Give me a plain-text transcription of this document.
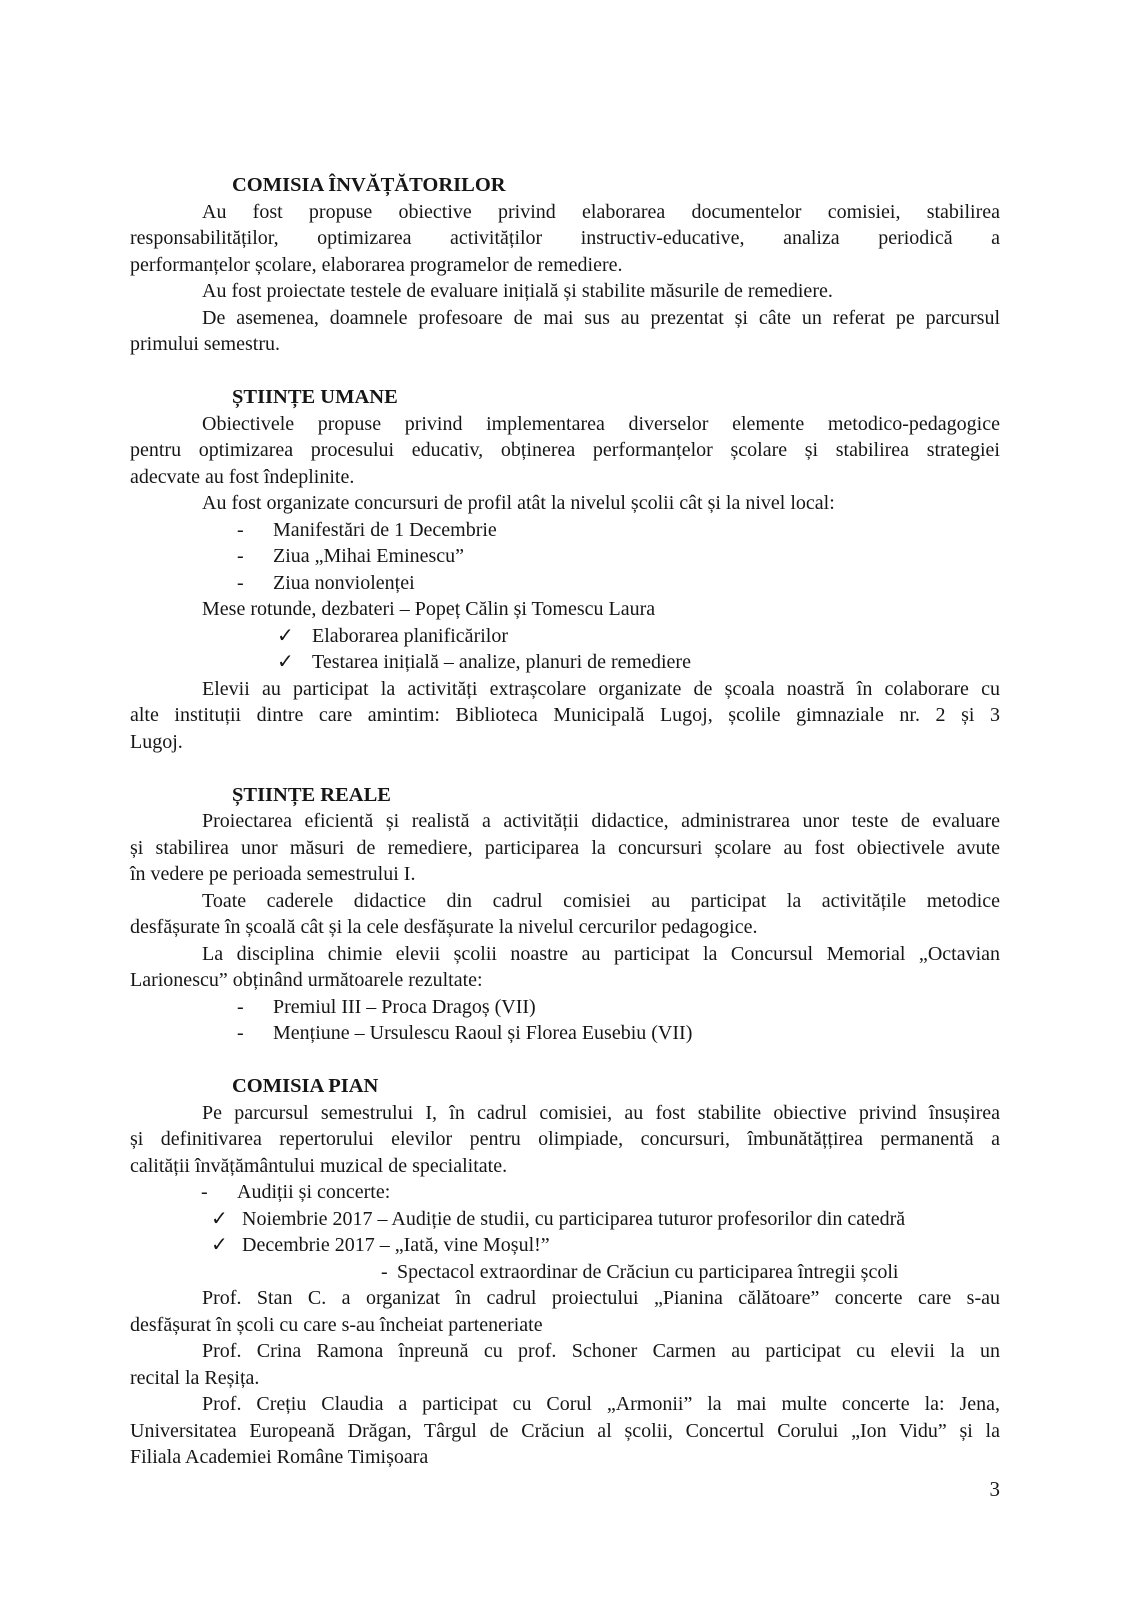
COMISIA ÎNVĂȚĂTORILOR
Au fost propuse obiective privind elaborarea documentelor comisiei, stabilirea
responsabilităților, optimizarea activităților instructiv-educative, analiza periodică a
performanțelor școlare, elaborarea programelor de remediere.
Au fost proiectate testele de evaluare inițială și stabilite măsurile de remediere.
De asemenea, doamnele profesoare de mai sus au prezentat și câte un referat pe parcursul
primului semestru.
ȘTIINȚE UMANE
Obiectivele propuse privind implementarea diverselor elemente metodico-pedagogice
pentru optimizarea procesului educativ, obținerea performanțelor școlare și stabilirea strategiei
adecvate au fost îndeplinite.
Au fost organizate concursuri de profil atât la nivelul școlii cât și la nivel local:
-	Manifestări de 1 Decembrie
-	Ziua „Mihai Eminescu”
-	Ziua nonviolenței
Mese rotunde, dezbateri – Popeț Călin și Tomescu Laura
✓ Elaborarea planificărilor
✓ Testarea inițială – analize, planuri de remediere
Elevii au participat la activități extrașcolare organizate de școala noastră în colaborare cu
alte instituții dintre care amintim: Biblioteca Municipală Lugoj, școlile gimnaziale nr. 2 și 3
Lugoj.
ȘTIINȚE REALE
Proiectarea eficientă și realistă a activității didactice, administrarea unor teste de evaluare
și stabilirea unor măsuri de remediere, participarea la concursuri școlare au fost obiectivele avute
în vedere pe perioada semestrului I.
Toate caderele didactice din cadrul comisiei au participat la activitățile metodice
desfășurate în școală cât și la cele desfășurate la nivelul cercurilor pedagogice.
La disciplina chimie elevii școlii noastre au participat la Concursul Memorial „Octavian
Larionescu” obținând următoarele rezultate:
-	Premiul III – Proca Dragoș (VII)
-	Mențiune – Ursulescu Raoul și Florea Eusebiu (VII)
COMISIA PIAN
Pe parcursul semestrului I, în cadrul comisiei, au fost stabilite obiective privind însușirea
și definitivarea repertorului elevilor pentru olimpiade, concursuri, îmbunătățțirea permanentă a
calității învățământului muzical de specialitate.
-	Audiții și concerte:
✓ Noiembrie 2017 – Audiție de studii, cu participarea tuturor profesorilor din catedră
✓ Decembrie 2017 – „Iată, vine Moșul!”
- Spectacol extraordinar de Crăciun cu participarea întregii școli
Prof. Stan C. a organizat în cadrul proiectului „Pianina călătoare” concerte care s-au
desfășurat în școli cu care s-au încheiat parteneriate
Prof. Crina Ramona înpreună cu prof. Schoner Carmen au participat cu elevii la un
recital la Reșița.
Prof. Crețiu Claudia a participat cu Corul „Armonii” la mai multe concerte la: Jena,
Universitatea Europeană Drăgan, Târgul de Crăciun al școlii, Concertul Corului „Ion Vidu” și la
Filiala Academiei Române Timișoara
3
